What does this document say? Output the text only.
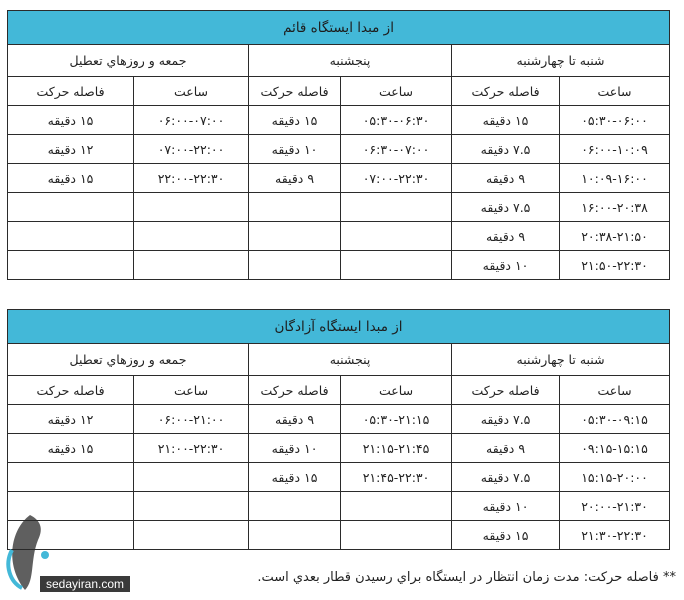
از مبدا ايستگاه قائم					
شنبه تا چهارشنبه		پنجشنبه		جمعه و روزهاي تعطيل	
ساعت	فاصله حرکت	ساعت	فاصله حرکت	ساعت	فاصله حرکت
۰۵:۳۰-۰۶:۰۰	۱۵ دقيقه	۰۵:۳۰-۰۶:۳۰	۱۵ دقيقه	۰۶:۰۰-۰۷:۰۰	۱۵ دقيقه
۰۶:۰۰-۱۰:۰۹	۷.۵ دقيقه	۰۶:۳۰-۰۷:۰۰	۱۰ دقيقه	۰۷:۰۰-۲۲:۰۰	۱۲ دقيقه
۱۰:۰۹-۱۶:۰۰	۹ دقيقه	۰۷:۰۰-۲۲:۳۰	۹ دقيقه	۲۲:۰۰-۲۲:۳۰	۱۵ دقيقه
۱۶:۰۰-۲۰:۳۸	۷.۵ دقيقه				
۲۰:۳۸-۲۱:۵۰	۹ دقيقه				
۲۱:۵۰-۲۲:۳۰	۱۰ دقيقه				
از مبدا ايستگاه آزادگان					
شنبه تا چهارشنبه		پنجشنبه		جمعه و روزهاي تعطيل	
ساعت	فاصله حرکت	ساعت	فاصله حرکت	ساعت	فاصله حرکت
۰۵:۳۰-۰۹:۱۵	۷.۵ دقيقه	۰۵:۳۰-۲۱:۱۵	۹ دقيقه	۰۶:۰۰-۲۱:۰۰	۱۲ دقيقه
۰۹:۱۵-۱۵:۱۵	۹ دقيقه	۲۱:۱۵-۲۱:۴۵	۱۰ دقيقه	۲۱:۰۰-۲۲:۳۰	۱۵ دقيقه
۱۵:۱۵-۲۰:۰۰	۷.۵ دقيقه	۲۱:۴۵-۲۲:۳۰	۱۵ دقيقه		
۲۰:۰۰-۲۱:۳۰	۱۰ دقيقه				
۲۱:۳۰-۲۲:۳۰	۱۵ دقيقه				
** فاصله حرکت: مدت زمان انتظار در ايستگاه براي رسيدن قطار بعدي است.
sedayiran.com
